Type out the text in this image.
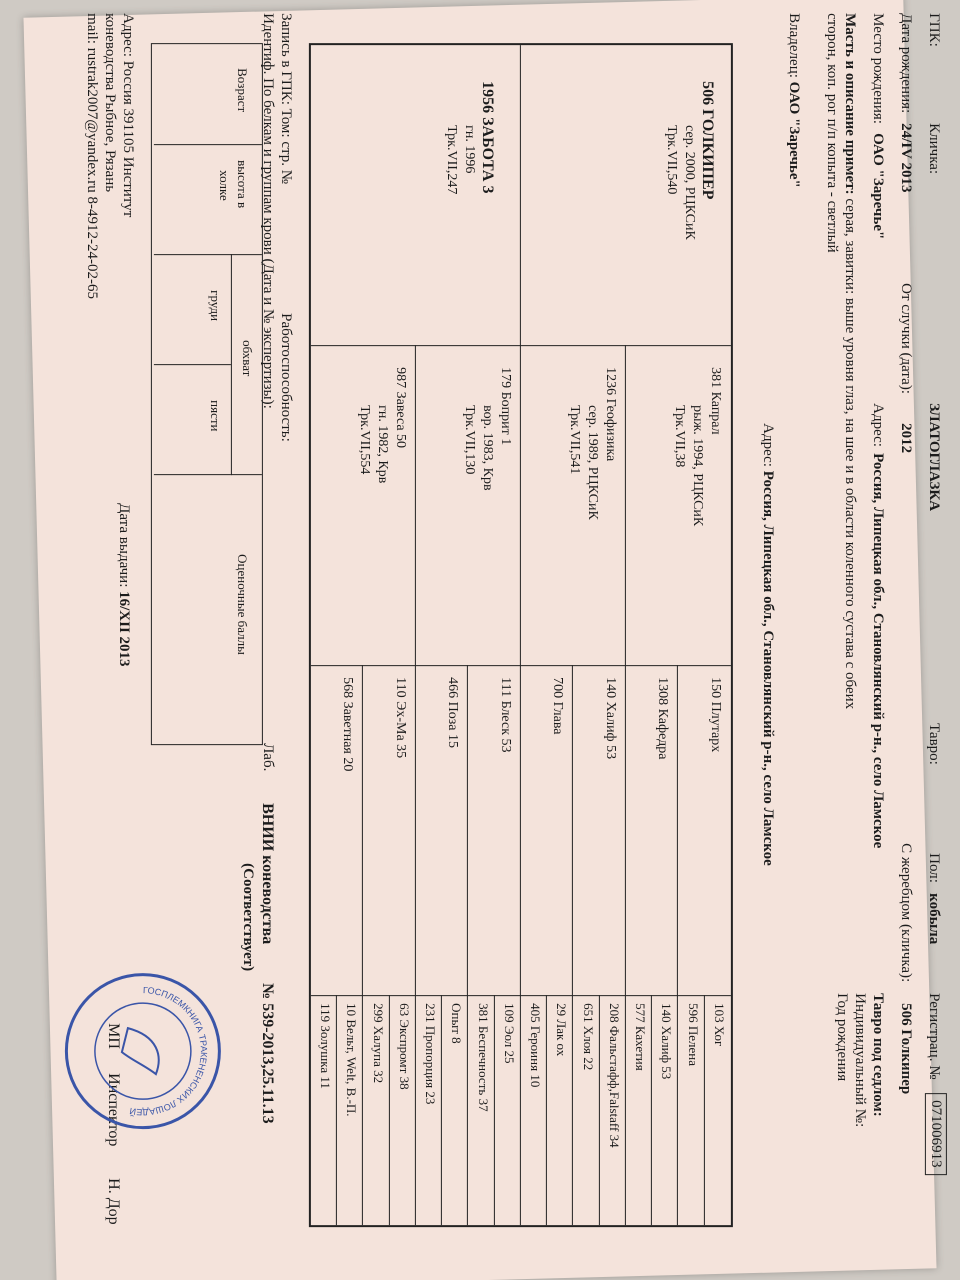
ГПК:
Кличка:
ЗЛАТОГЛАЗКА
Тавро:
Пол:
кобыла
Регистрац. №
071006913
Дата рождения:
24/IV 2013
От случки (дата):
2012
С жеребцом (кличка):
506 Голкипер
Место рождения:
ОАО "Заречье"
Адрес:
Россия, Липецкая обл., Становлянский р-н., село Ламское
Тавро под седлом:
Индивидуальный №:
Год рождения
Масть и описание примет: серая, завитки: выше уровня глаз, на шее и в области коленного сустава с обеих
сторон, коп. рог п/п копыта - светлый
Владелец: ОАО "Заречье"
Адрес: Россия, Липецкая обл., Становлянский р-н., село Ламское
506 ГОЛКИПЕР
сер. 2000, РЦКСиК
Трк.VII,540
1956 ЗАБОТА 3
гн. 1996
Трк.VII,247
381 Капрал
рыж. 1994, РЦКСиК
Трк.VII,38
1236 Геофизика
сер. 1989, РЦКСиК
Трк.VII,541
179 Боприт 1
вор. 1983, Крв
Трк.VII,130
987 Завеса 50
гн. 1982, Крв
Трк.VII,554
150 Плутарх
1308 Кафедра
140 Халиф 53
700 Глава
111 Блеск 53
466 Поза 15
110 Эх-Ма 35
568 Заветная 20
103 Хог
596 Пелена
140 Халиф 53
577 Кахетия
208 Фальстафф,Falstaff 34
651 Хлоя 22
29 Лак ох
405 Героиня 10
109 Эол 25
381 Беспечность 37
Опыт 8
231 Пропорция 23
63 Экспромт 38
299 Халупа 32
10 Вельт, Welt, В.-П.
119 Золушка 11
Запись в ГПК: Том: стр. №
Работоспособность:
Идентиф. По белкам и группам крови (Дата и № экспертизы):
Лаб.
ВНИИ коневодства
№ 539-2013,25.11.13
(Соответствует)
Возраст
высота в
холке
обхват
груди
пясти
Оценочные баллы
Адрес: Россия 391105 Институт
коневодства Рыбное, Рязань
mail: rustrak2007@yandex.ru 8-4912-24-02-65
Дата выдачи: 16/XII 2013
МП
Инспектор
Н. Дор
ГОСПЛЕМКНИГА ТРАКЕНЕНСКИХ ЛОШАДЕЙ
